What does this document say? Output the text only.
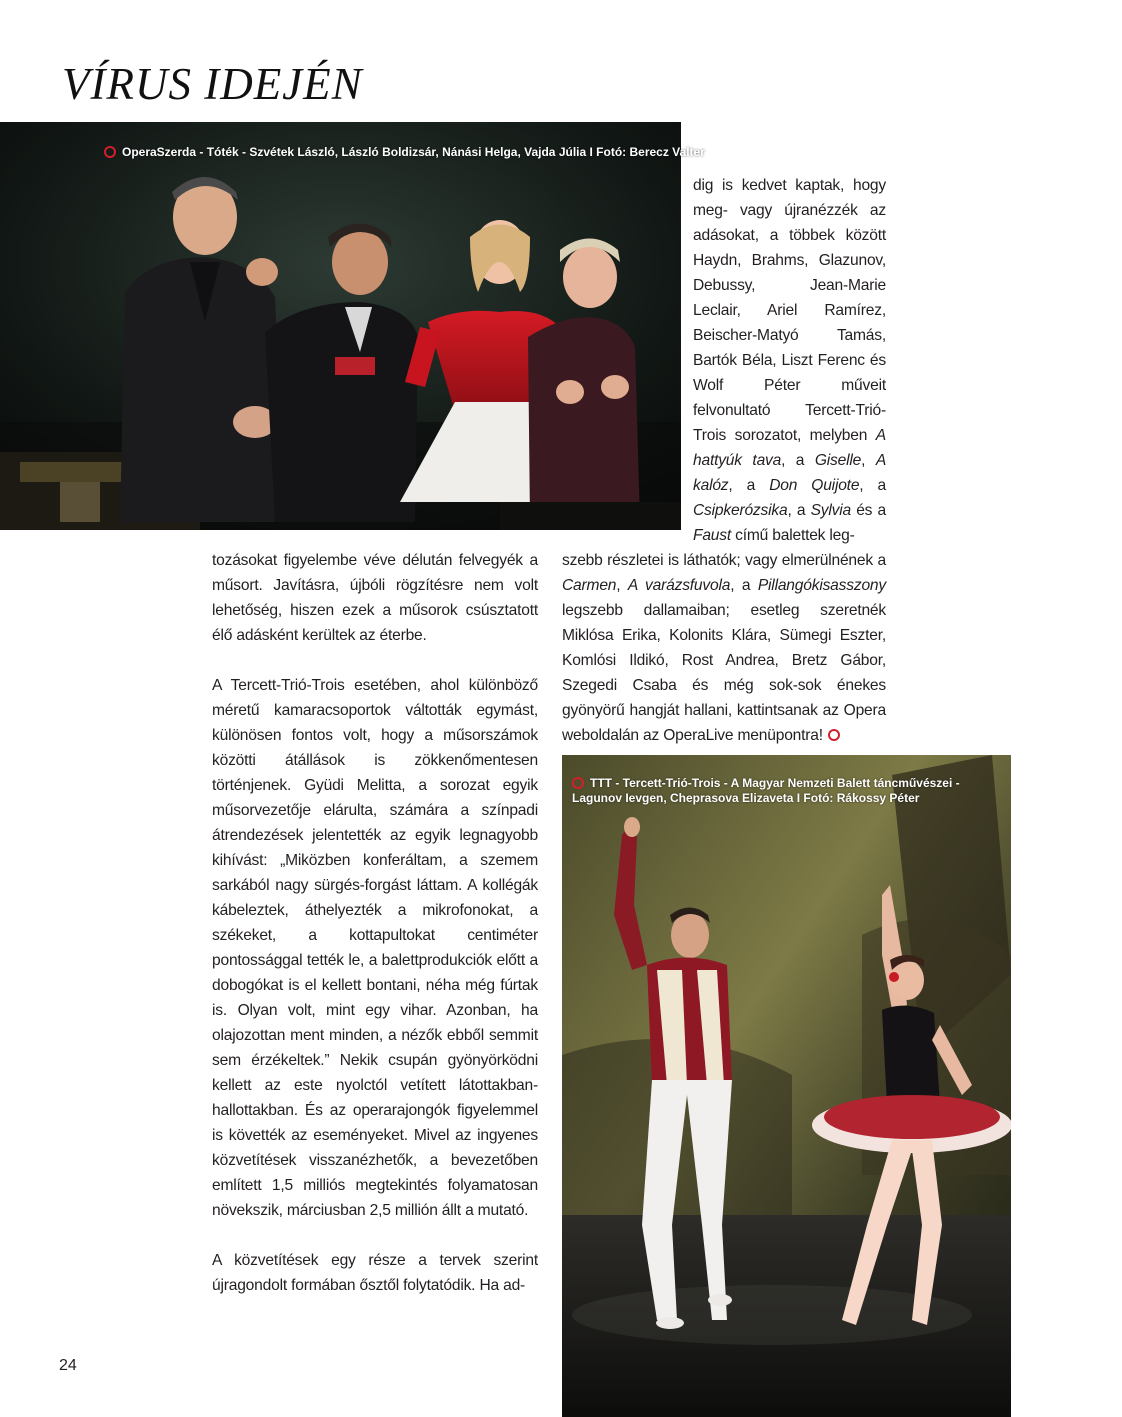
VÍRUS IDEJÉN
OperaSzerda - Tóték - Szvétek László, László Boldizsár, Nánási Helga, Vajda Júlia I Fotó: Berecz Valter
TTT - Tercett-Trió-Trois - A Magyar Nemzeti Balett táncművészei - Lagunov Ievgen, Cheprasova Elizaveta I Fotó: Rákossy Péter

dig is kedvet kaptak, hogy meg- vagy újranézzék az adásokat, a többek között Haydn, Brahms, Glazunov, Debussy, Jean-Marie Leclair, Ariel Ramírez, Beischer-Matyó Tamás, Bartók Béla, Liszt Ferenc és Wolf Péter műveit felvonultató Tercett-Trió-Trois sorozatot, melyben A hattyúk tava, a Giselle, A kalóz, a Don Quijote, a Csipkerózsika, a Sylvia és a Faust című balettek leg-

szebb részletei is láthatók; vagy elmerülnének a Carmen, A varázsfuvola, a Pillangókisasszony legszebb dallamaiban; esetleg szeretnék Miklósa Erika, Kolonits Klára, Sümegi Eszter, Komlósi Ildikó, Rost Andrea, Bretz Gábor, Szegedi Csaba és még sok-sok énekes gyönyörű hangját hallani, kattintsanak az Opera weboldalán az OperaLive menüpontra!

tozásokat figyelembe véve délután felvegyék a műsort. Javításra, újbóli rögzítésre nem volt lehetőség, hiszen ezek a műsorok csúsztatott élő adásként kerültek az éterbe.

A Tercett-Trió-Trois esetében, ahol különböző méretű kamaracsoportok váltották egymást, különösen fontos volt, hogy a műsorszámok közötti átállások is zökkenőmentesen történjenek. Gyüdi Melitta, a sorozat egyik műsorvezetője elárulta, számára a színpadi átrendezések jelentették az egyik legnagyobb kihívást: „Miközben konferáltam, a szemem sarkából nagy sürgés-forgást láttam. A kollégák kábeleztek, áthelyezték a mikrofonokat, a székeket, a kottapultokat centiméter pontossággal tették le, a balettprodukciók előtt a dobogókat is el kellett bontani, néha még fúrtak is. Olyan volt, mint egy vihar. Azonban, ha olajozottan ment minden, a nézők ebből semmit sem érzékeltek.” Nekik csupán gyönyörködni kellett az este nyolctól vetített látottakban-hallottakban. És az operarajongók figyelemmel is követték az eseményeket. Mivel az ingyenes közvetítések visszanézhetők, a bevezetőben említett 1,5 milliós megtekintés folyamatosan növekszik, márciusban 2,5 millión állt a mutató.

A közvetítések egy része a tervek szerint újragondolt formában ősztől folytatódik. Ha ad-

24
